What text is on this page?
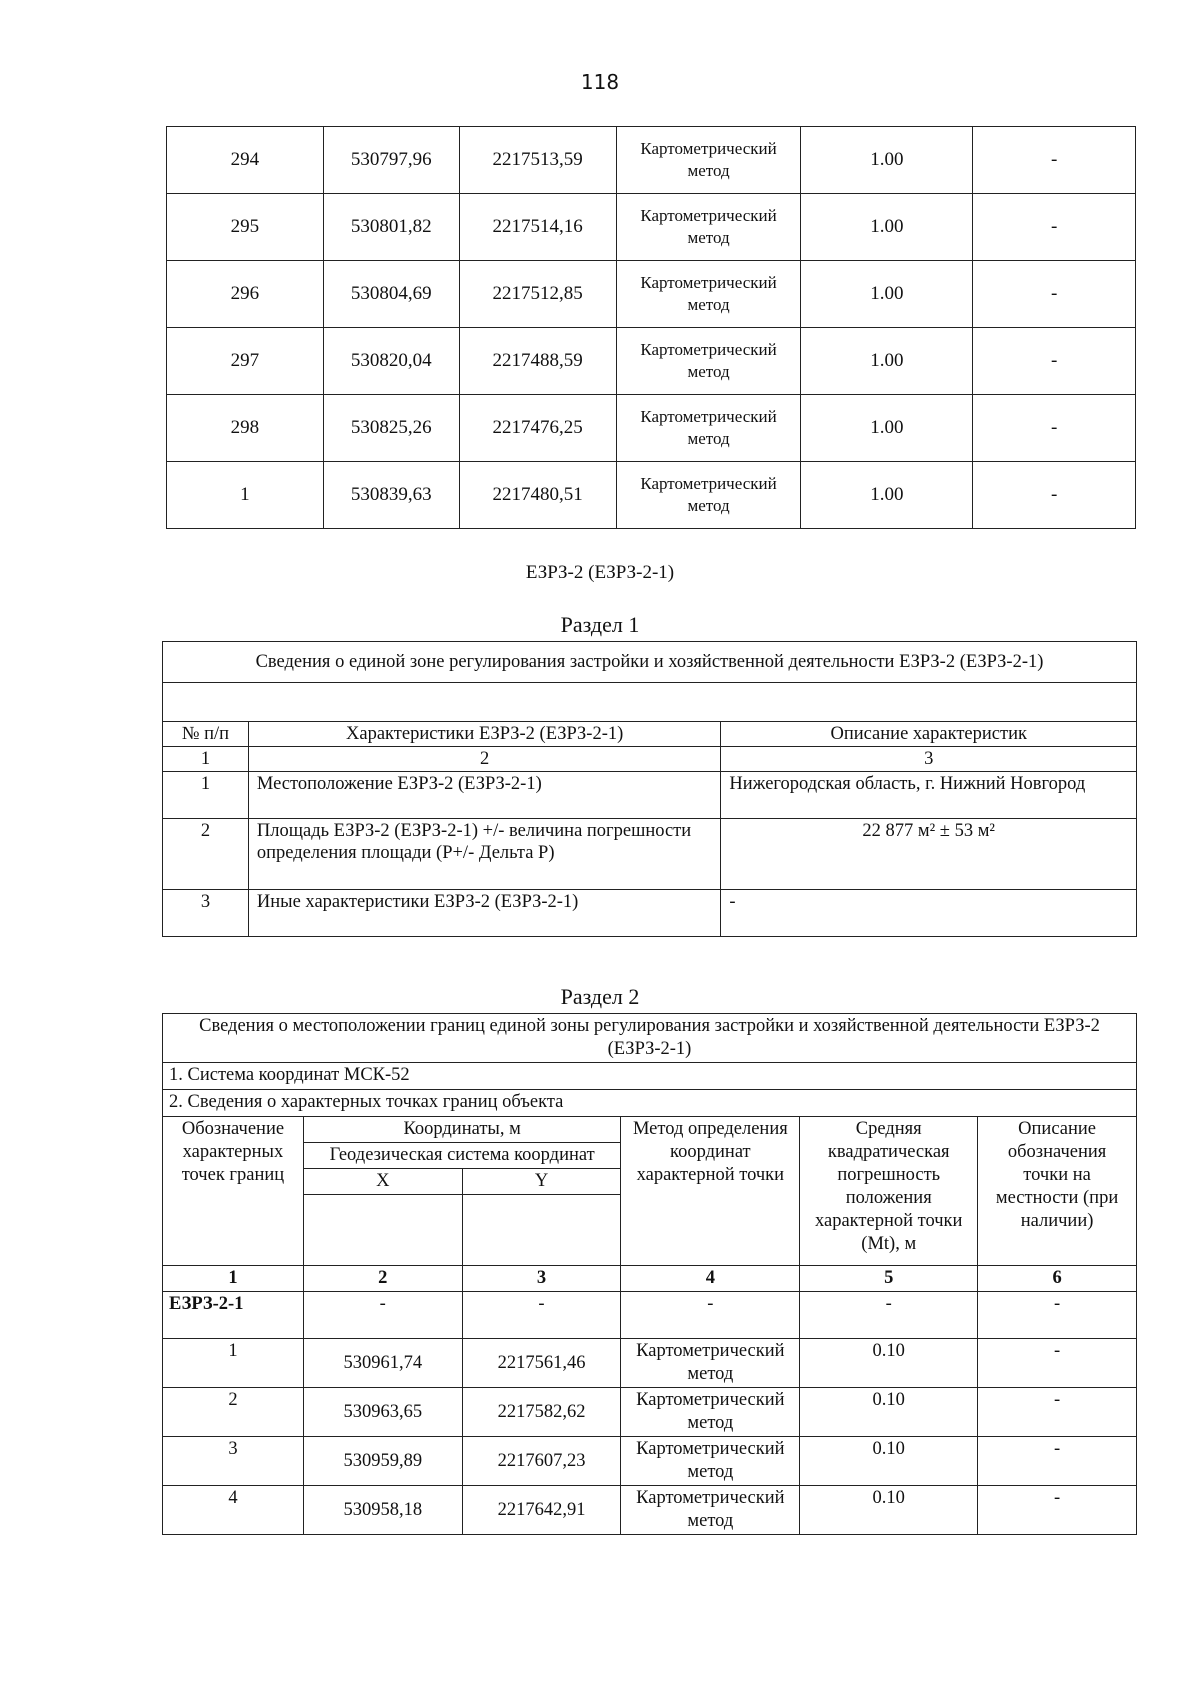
118
294	530797,96	2217513,59	Картометрический метод	1.00	-
295	530801,82	2217514,16	Картометрический метод	1.00	-
296	530804,69	2217512,85	Картометрический метод	1.00	-
297	530820,04	2217488,59	Картометрический метод	1.00	-
298	530825,26	2217476,25	Картометрический метод	1.00	-
1	530839,63	2217480,51	Картометрический метод	1.00	-
ЕЗРЗ-2 (ЕЗРЗ-2-1)
Раздел 1
Сведения о единой зоне регулирования застройки и хозяйственной деятельности ЕЗРЗ-2 (ЕЗРЗ-2-1)		

№ п/п	Характеристики ЕЗРЗ-2 (ЕЗРЗ-2-1)	Описание характеристик
1	2	3
1	Местоположение ЕЗРЗ-2 (ЕЗРЗ-2-1)	Нижегородская область, г. Нижний Новгород
2	Площадь ЕЗРЗ-2 (ЕЗРЗ-2-1) +/- величина погрешности определения площади (Р+/- Дельта Р)	22 877 м² ± 53 м²
3	Иные характеристики ЕЗРЗ-2 (ЕЗРЗ-2-1)	-
Раздел 2
Сведения о местоположении границ единой зоны регулирования застройки и хозяйственной деятельности ЕЗРЗ-2 (ЕЗРЗ-2-1)					
1. Система координат МСК-52					
2. Сведения о характерных точках границ объекта					
Обозначение характерных точек границ	Координаты, м		Метод определения координат характерной точки	Средняя квадратическая погрешность положения характерной точки (Mt), м	Описание обозначения точки на местности (при наличии)
	Геодезическая система координат				
	X	Y			

1	2	3	4	5	6
ЕЗРЗ-2-1	-	-	-	-	-
1	530961,74	2217561,46	Картометрический метод	0.10	-
2	530963,65	2217582,62	Картометрический метод	0.10	-
3	530959,89	2217607,23	Картометрический метод	0.10	-
4	530958,18	2217642,91	Картометрический метод	0.10	-
